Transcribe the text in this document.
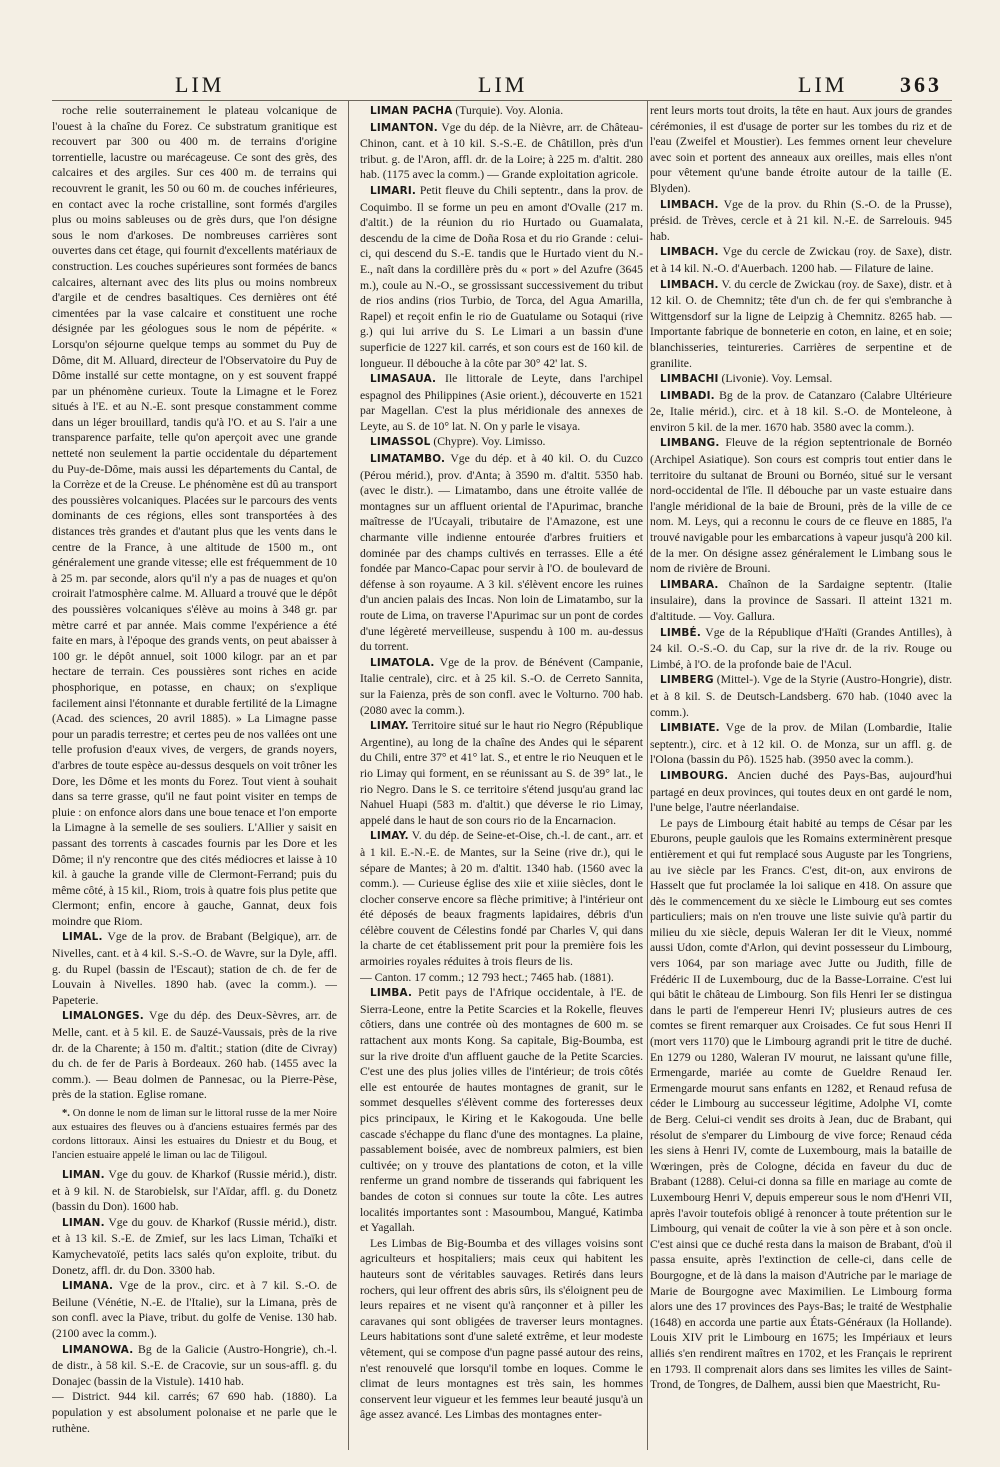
LIM	LIM	LIM 363

roche relie souterrainement le plateau volcanique de l'ouest à la chaîne du Forez. Ce substratum granitique est recouvert par 300 ou 400 m. de terrains d'origine torrentielle, lacustre ou marécageuse. Ce sont des grès, des calcaires et des argiles. Sur ces 400 m. de terrains qui recouvrent le granit, les 50 ou 60 m. de couches inférieures, en contact avec la roche cristalline, sont formés d'argiles plus ou moins sableuses ou de grès durs, que l'on désigne sous le nom d'arkoses. De nombreuses carrières sont ouvertes dans cet étage, qui fournit d'excellents matériaux de construction. Les couches supérieures sont formées de bancs calcaires, alternant avec des lits plus ou moins nombreux d'argile et de cendres basaltiques. Ces dernières ont été cimentées par la vase calcaire et constituent une roche désignée par les géologues sous le nom de pépérite. « Lorsqu'on séjourne quelque temps au sommet du Puy de Dôme, dit M. Alluard, directeur de l'Observatoire du Puy de Dôme installé sur cette montagne, on y est souvent frappé par un phénomène curieux. Toute la Limagne et le Forez situés à l'E. et au N.-E. sont presque constamment comme dans un léger brouillard, tandis qu'à l'O. et au S. l'air a une transparence parfaite, telle qu'on aperçoit avec une grande netteté non seulement la partie occidentale du département du Puy-de-Dôme, mais aussi les départements du Cantal, de la Corrèze et de la Creuse. Le phénomène est dû au transport des poussières volcaniques. Placées sur le parcours des vents dominants de ces régions, elles sont transportées à des distances très grandes et d'autant plus que les vents dans le centre de la France, à une altitude de 1500 m., ont généralement une grande vitesse; elle est fréquemment de 10 à 25 m. par seconde, alors qu'il n'y a pas de nuages et qu'on croirait l'atmosphère calme. M. Alluard a trouvé que le dépôt des poussières volcaniques s'élève au moins à 348 gr. par mètre carré et par année. Mais comme l'expérience a été faite en mars, à l'époque des grands vents, on peut abaisser à 100 gr. le dépôt annuel, soit 1000 kilogr. par an et par hectare de terrain. Ces poussières sont riches en acide phosphorique, en potasse, en chaux; on s'explique facilement ainsi l'étonnante et durable fertilité de la Limagne (Acad. des sciences, 20 avril 1885). » La Limagne passe pour un paradis terrestre; et certes peu de nos vallées ont une telle profusion d'eaux vives, de vergers, de grands noyers, d'arbres de toute espèce au-dessus desquels on voit trôner les Dore, les Dôme et les monts du Forez. Tout vient à souhait dans sa terre grasse, qu'il ne faut point visiter en temps de pluie : on enfonce alors dans une boue tenace et l'on emporte la Limagne à la semelle de ses souliers. L'Allier y saisit en passant des torrents à cascades fournis par les Dore et les Dôme; il n'y rencontre que des cités médiocres et laisse à 10 kil. à gauche la grande ville de Clermont-Ferrand; puis du même côté, à 15 kil., Riom, trois à quatre fois plus petite que Clermont; enfin, encore à gauche, Gannat, deux fois moindre que Riom.

LIMAL. Vge de la prov. de Brabant (Belgique), arr. de Nivelles, cant. et à 4 kil. S.-S.-O. de Wavre, sur la Dyle, affl. g. du Rupel (bassin de l'Escaut); station de ch. de fer de Louvain à Nivelles. 1890 hab. (avec la comm.). — Papeterie.

LIMALONGES. Vge du dép. des Deux-Sèvres, arr. de Melle, cant. et à 5 kil. E. de Sauzé-Vaussais, près de la rive dr. de la Charente; à 150 m. d'altit.; station (dite de Civray) du ch. de fer de Paris à Bordeaux. 260 hab. (1455 avec la comm.). — Beau dolmen de Pannesac, ou la Pierre-Pèse, près de la station. Eglise romane.

*. On donne le nom de liman sur le littoral russe de la mer Noire aux estuaires des fleuves ou à d'anciens estuaires fermés par des cordons littoraux. Ainsi les estuaires du Dniestr et du Boug, et l'ancien estuaire appelé le liman ou lac de Tiligoul.

LIMAN. Vge du gouv. de Kharkof (Russie mérid.), distr. et à 9 kil. N. de Starobielsk, sur l'Aïdar, affl. g. du Donetz (bassin du Don). 1600 hab.

LIMAN. Vge du gouv. de Kharkof (Russie mérid.), distr. et à 13 kil. S.-E. de Zmief, sur les lacs Liman, Tchaïki et Kamychevatoïé, petits lacs salés qu'on exploite, tribut. du Donetz, affl. dr. du Don. 3300 hab.

LIMANA. Vge de la prov., circ. et à 7 kil. S.-O. de Beilune (Vénétie, N.-E. de l'Italie), sur la Limana, près de son confl. avec la Piave, tribut. du golfe de Venise. 130 hab. (2100 avec la comm.).

LIMANOWA. Bg de la Galicie (Austro-Hongrie), ch.-l. de distr., à 58 kil. S.-E. de Cracovie, sur un sous-affl. g. du Donajec (bassin de la Vistule). 1410 hab.

— District. 944 kil. carrés; 67 690 hab. (1880). La population y est absolument polonaise et ne parle que le ruthène.

LIMAN PACHA (Turquie). Voy. Alonia.

LIMANTON. Vge du dép. de la Nièvre, arr. de Château-Chinon, cant. et à 10 kil. S.-S.-E. de Châtillon, près d'un tribut. g. de l'Aron, affl. dr. de la Loire; à 225 m. d'altit. 280 hab. (1175 avec la comm.) — Grande exploitation agricole.

LIMARI. Petit fleuve du Chili septentr., dans la prov. de Coquimbo. Il se forme un peu en amont d'Ovalle (217 m. d'altit.) de la réunion du rio Hurtado ou Guamalata, descendu de la cime de Doña Rosa et du rio Grande : celui-ci, qui descend du S.-E. tandis que le Hurtado vient du N.-E., naît dans la cordillère près du « port » del Azufre (3645 m.), coule au N.-O., se grossissant successivement du tribut de rios andins (rios Turbio, de Torca, del Agua Amarilla, Rapel) et reçoit enfin le rio de Guatulame ou Sotaqui (rive g.) qui lui arrive du S. Le Limari a un bassin d'une superficie de 1227 kil. carrés, et son cours est de 160 kil. de longueur. Il débouche à la côte par 30° 42' lat. S.

LIMASAUA. Ile littorale de Leyte, dans l'archipel espagnol des Philippines (Asie orient.), découverte en 1521 par Magellan. C'est la plus méridionale des annexes de Leyte, au S. de 10° lat. N. On y parle le visaya.

LIMASSOL (Chypre). Voy. Limisso.

LIMATAMBO. Vge du dép. et à 40 kil. O. du Cuzco (Pérou mérid.), prov. d'Anta; à 3590 m. d'altit. 5350 hab. (avec le distr.). — Limatambo, dans une étroite vallée de montagnes sur un affluent oriental de l'Apurimac, branche maîtresse de l'Ucayali, tributaire de l'Amazone, est une charmante ville indienne entourée d'arbres fruitiers et dominée par des champs cultivés en terrasses. Elle a été fondée par Manco-Capac pour servir à l'O. de boulevard de défense à son royaume. A 3 kil. s'élèvent encore les ruines d'un ancien palais des Incas. Non loin de Limatambo, sur la route de Lima, on traverse l'Apurimac sur un pont de cordes d'une légèreté merveilleuse, suspendu à 100 m. au-dessus du torrent.

LIMATOLA. Vge de la prov. de Bénévent (Campanie, Italie centrale), circ. et à 25 kil. S.-O. de Cerreto Sannita, sur la Faienza, près de son confl. avec le Volturno. 700 hab. (2080 avec la comm.).

LIMAY. Territoire situé sur le haut rio Negro (République Argentine), au long de la chaîne des Andes qui le séparent du Chili, entre 37° et 41° lat. S., et entre le rio Neuquen et le rio Limay qui forment, en se réunissant au S. de 39° lat., le rio Negro. Dans le S. ce territoire s'étend jusqu'au grand lac Nahuel Huapi (583 m. d'altit.) que déverse le rio Limay, appelé dans le haut de son cours rio de la Encarnacion.

LIMAY. V. du dép. de Seine-et-Oise, ch.-l. de cant., arr. et à 1 kil. E.-N.-E. de Mantes, sur la Seine (rive dr.), qui le sépare de Mantes; à 20 m. d'altit. 1340 hab. (1560 avec la comm.). — Curieuse église des xiie et xiiie siècles, dont le clocher conserve encore sa flèche primitive; à l'intérieur ont été déposés de beaux fragments lapidaires, débris d'un célèbre couvent de Célestins fondé par Charles V, qui dans la charte de cet établissement prit pour la première fois les armoiries royales réduites à trois fleurs de lis.

— Canton. 17 comm.; 12 793 hect.; 7465 hab. (1881).

LIMBA. Petit pays de l'Afrique occidentale, à l'E. de Sierra-Leone, entre la Petite Scarcies et la Rokelle, fleuves côtiers, dans une contrée où des montagnes de 600 m. se rattachent aux monts Kong. Sa capitale, Big-Boumba, est sur la rive droite d'un affluent gauche de la Petite Scarcies. C'est une des plus jolies villes de l'intérieur; de trois côtés elle est entourée de hautes montagnes de granit, sur le sommet desquelles s'élèvent comme des forteresses deux pics principaux, le Kiring et le Kakogouda. Une belle cascade s'échappe du flanc d'une des montagnes. La plaine, passablement boisée, avec de nombreux palmiers, est bien cultivée; on y trouve des plantations de coton, et la ville renferme un grand nombre de tisserands qui fabriquent les bandes de coton si connues sur toute la côte. Les autres localités importantes sont : Masoumbou, Mangué, Katimba et Yagallah.

Les Limbas de Big-Boumba et des villages voisins sont agriculteurs et hospitaliers; mais ceux qui habitent les hauteurs sont de véritables sauvages. Retirés dans leurs rochers, qui leur offrent des abris sûrs, ils s'éloignent peu de leurs repaires et ne visent qu'à rançonner et à piller les caravanes qui sont obligées de traverser leurs montagnes. Leurs habitations sont d'une saleté extrême, et leur modeste vêtement, qui se compose d'un pagne passé autour des reins, n'est renouvelé que lorsqu'il tombe en loques. Comme le climat de leurs montagnes est très sain, les hommes conservent leur vigueur et les femmes leur beauté jusqu'à un âge assez avancé. Les Limbas des montagnes enter-

rent leurs morts tout droits, la tête en haut. Aux jours de grandes cérémonies, il est d'usage de porter sur les tombes du riz et de l'eau (Zweifel et Moustier). Les femmes ornent leur chevelure avec soin et portent des anneaux aux oreilles, mais elles n'ont pour vêtement qu'une bande étroite autour de la taille (E. Blyden).

LIMBACH. Vge de la prov. du Rhin (S.-O. de la Prusse), présid. de Trèves, cercle et à 21 kil. N.-E. de Sarrelouis. 945 hab.

LIMBACH. Vge du cercle de Zwickau (roy. de Saxe), distr. et à 14 kil. N.-O. d'Auerbach. 1200 hab. — Filature de laine.

LIMBACH. V. du cercle de Zwickau (roy. de Saxe), distr. et à 12 kil. O. de Chemnitz; tête d'un ch. de fer qui s'embranche à Wittgensdorf sur la ligne de Leipzig à Chemnitz. 8265 hab. — Importante fabrique de bonneterie en coton, en laine, et en soie; blanchisseries, teintureries. Carrières de serpentine et de granilite.

LIMBACHI (Livonie). Voy. Lemsal.

LIMBADI. Bg de la prov. de Catanzaro (Calabre Ultérieure 2e, Italie mérid.), circ. et à 18 kil. S.-O. de Monteleone, à environ 5 kil. de la mer. 1670 hab. 3580 avec la comm.).

LIMBANG. Fleuve de la région septentrionale de Bornéo (Archipel Asiatique). Son cours est compris tout entier dans le territoire du sultanat de Brouni ou Bornéo, situé sur le versant nord-occidental de l'île. Il débouche par un vaste estuaire dans l'angle méridional de la baie de Brouni, près de la ville de ce nom. M. Leys, qui a reconnu le cours de ce fleuve en 1885, l'a trouvé navigable pour les embarcations à vapeur jusqu'à 200 kil. de la mer. On désigne assez généralement le Limbang sous le nom de rivière de Brouni.

LIMBARA. Chaînon de la Sardaigne septentr. (Italie insulaire), dans la province de Sassari. Il atteint 1321 m. d'altitude. — Voy. Gallura.

LIMBÉ. Vge de la République d'Haïti (Grandes Antilles), à 24 kil. O.-S.-O. du Cap, sur la rive dr. de la riv. Rouge ou Limbé, à l'O. de la profonde baie de l'Acul.

LIMBERG (Mittel-). Vge de la Styrie (Austro-Hongrie), distr. et à 8 kil. S. de Deutsch-Landsberg. 670 hab. (1040 avec la comm.).

LIMBIATE. Vge de la prov. de Milan (Lombardie, Italie septentr.), circ. et à 12 kil. O. de Monza, sur un affl. g. de l'Olona (bassin du Pô). 1525 hab. (3950 avec la comm.).

LIMBOURG. Ancien duché des Pays-Bas, aujourd'hui partagé en deux provinces, qui toutes deux en ont gardé le nom, l'une belge, l'autre néerlandaise.

Le pays de Limbourg était habité au temps de César par les Eburons, peuple gaulois que les Romains exterminèrent presque entièrement et qui fut remplacé sous Auguste par les Tongriens, au ive siècle par les Francs. C'est, dit-on, aux environs de Hasselt que fut proclamée la loi salique en 418. On assure que dès le commencement du xe siècle le Limbourg eut ses comtes particuliers; mais on n'en trouve une liste suivie qu'à partir du milieu du xie siècle, depuis Waleran Ier dit le Vieux, nommé aussi Udon, comte d'Arlon, qui devint possesseur du Limbourg, vers 1064, par son mariage avec Jutte ou Judith, fille de Frédéric II de Luxembourg, duc de la Basse-Lorraine. C'est lui qui bâtit le château de Limbourg. Son fils Henri Ier se distingua dans le parti de l'empereur Henri IV; plusieurs autres de ces comtes se firent remarquer aux Croisades. Ce fut sous Henri II (mort vers 1170) que le Limbourg agrandi prit le titre de duché. En 1279 ou 1280, Waleran IV mourut, ne laissant qu'une fille, Ermengarde, mariée au comte de Gueldre Renaud Ier. Ermengarde mourut sans enfants en 1282, et Renaud refusa de céder le Limbourg au successeur légitime, Adolphe VI, comte de Berg. Celui-ci vendit ses droits à Jean, duc de Brabant, qui résolut de s'emparer du Limbourg de vive force; Renaud céda les siens à Henri IV, comte de Luxembourg, mais la bataille de Wœringen, près de Cologne, décida en faveur du duc de Brabant (1288). Celui-ci donna sa fille en mariage au comte de Luxembourg Henri V, depuis empereur sous le nom d'Henri VII, après l'avoir toutefois obligé à renoncer à toute prétention sur le Limbourg, qui venait de coûter la vie à son père et à son oncle. C'est ainsi que ce duché resta dans la maison de Brabant, d'où il passa ensuite, après l'extinction de celle-ci, dans celle de Bourgogne, et de là dans la maison d'Autriche par le mariage de Marie de Bourgogne avec Maximilien. Le Limbourg forma alors une des 17 provinces des Pays-Bas; le traité de Westphalie (1648) en accorda une partie aux États-Généraux (la Hollande). Louis XIV prit le Limbourg en 1675; les Impériaux et leurs alliés s'en rendirent maîtres en 1702, et les Français le reprirent en 1793. Il comprenait alors dans ses limites les villes de Saint-Trond, de Tongres, de Dalhem, aussi bien que Maestricht, Ru-
